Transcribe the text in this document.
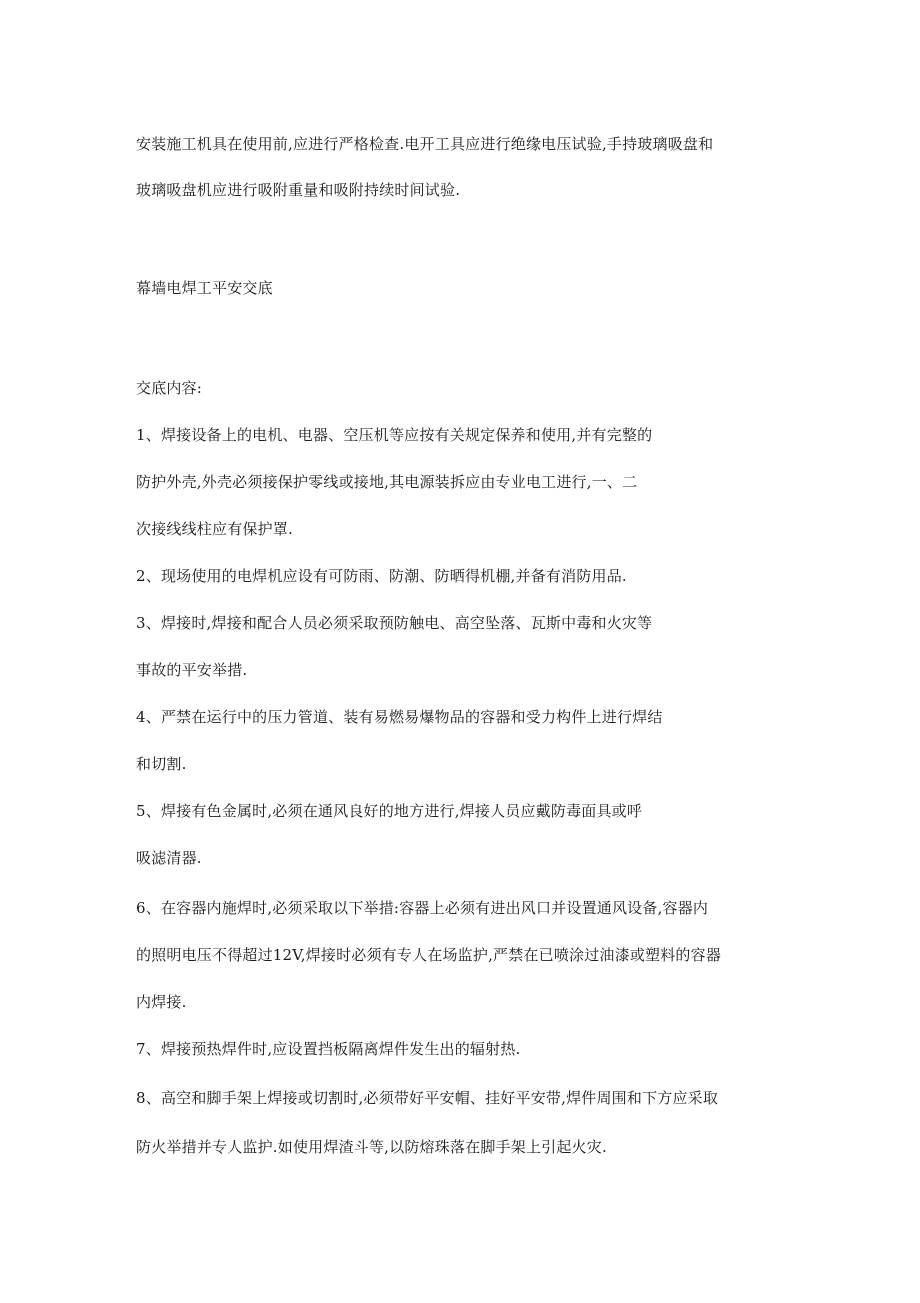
安装施工机具在使用前,应进行严格检查.电开工具应进行绝缘电压试验,手持玻璃吸盘和
玻璃吸盘机应进行吸附重量和吸附持续时间试验.
幕墙电焊工平安交底
交底内容:
1、焊接设备上的电机、电器、空压机等应按有关规定保养和使用,并有完整的
防护外壳,外壳必须接保护零线或接地,其电源装拆应由专业电工进行,一、二
次接线线柱应有保护罩.
2、现场使用的电焊机应设有可防雨、防潮、防晒得机棚,并备有消防用品.
3、焊接时,焊接和配合人员必须采取预防触电、高空坠落、瓦斯中毒和火灾等
事故的平安举措.
4、严禁在运行中的压力管道、装有易燃易爆物品的容器和受力构件上进行焊结
和切割.
5、焊接有色金属时,必须在通风良好的地方进行,焊接人员应戴防毒面具或呼
吸滤清器.
6、在容器内施焊时,必须采取以下举措:容器上必须有进出风口并设置通风设备,容器内
的照明电压不得超过12V,焊接时必须有专人在场监护,严禁在已喷涂过油漆或塑料的容器
内焊接.
7、焊接预热焊件时,应设置挡板隔离焊件发生出的辐射热.
8、高空和脚手架上焊接或切割时,必须带好平安帽、挂好平安带,焊件周围和下方应采取
防火举措并专人监护.如使用焊渣斗等,以防熔珠落在脚手架上引起火灾.
